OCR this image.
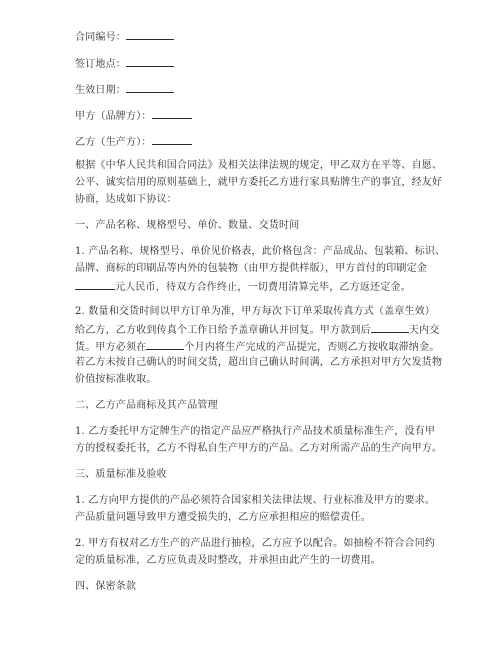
合同编号：
签订地点：
生效日期：
甲方（品牌方）：
乙方（生产方）：
根据《中华人民共和国合同法》及相关法律法规的规定，甲乙双方在平等、自愿、
公平、诚实信用的原则基础上，就甲方委托乙方进行家具贴牌生产的事宜，经友好
协商，达成如下协议：
一、产品名称、规格型号、单价、数量、交货时间
1. 产品名称、规格型号、单价见价格表，此价格包含：产品成品、包装箱、标识、
品牌、商标的印刷品等内外的包装物（由甲方提供样版），甲方首付的印刷定金
元人民币，待双方合作终止，一切费用清算完毕，乙方返还定金。
2. 数量和交货时间以甲方订单为准，甲方每次下订单采取传真方式（盖章生效）
给乙方，乙方收到传真个工作日给予盖章确认并回复。甲方款到后	天内交
货。甲方必须在	个月内将生产完成的产品提完，否则乙方按收取滞纳金。
若乙方未按自己确认的时间交货，超出自己确认时间满，乙方承担对甲方欠发货物
价值按标准收取。
二、乙方产品商标及其产品管理
1. 乙方委托甲方定牌生产的指定产品应严格执行产品技术质量标准生产，没有甲
方的授权委托书，乙方不得私自生产甲方的产品。乙方对所需产品的生产向甲方。
三、质量标准及验收
1. 乙方向甲方提供的产品必须符合国家相关法律法规、行业标准及甲方的要求。
产品质量问题导致甲方遭受损失的，乙方应承担相应的赔偿责任。
2. 甲方有权对乙方生产的产品进行抽检，乙方应予以配合。如抽检不符合合同约
定的质量标准，乙方应负责及时整改，并承担由此产生的一切费用。
四、保密条款
